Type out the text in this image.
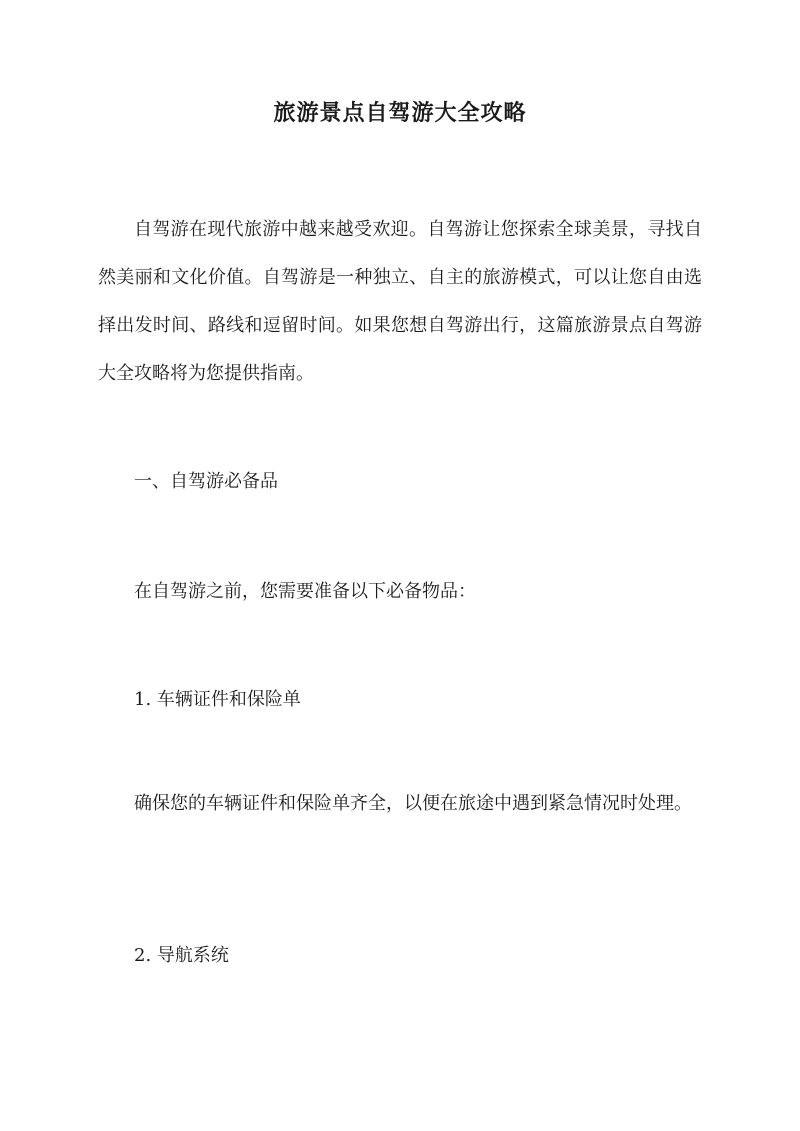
旅游景点自驾游大全攻略
自驾游在现代旅游中越来越受欢迎。自驾游让您探索全球美景，寻找自然美丽和文化价值。自驾游是一种独立、自主的旅游模式，可以让您自由选择出发时间、路线和逗留时间。如果您想自驾游出行，这篇旅游景点自驾游大全攻略将为您提供指南。
一、自驾游必备品
在自驾游之前，您需要准备以下必备物品：
1. 车辆证件和保险单
确保您的车辆证件和保险单齐全，以便在旅途中遇到紧急情况时处理。
2. 导航系统
